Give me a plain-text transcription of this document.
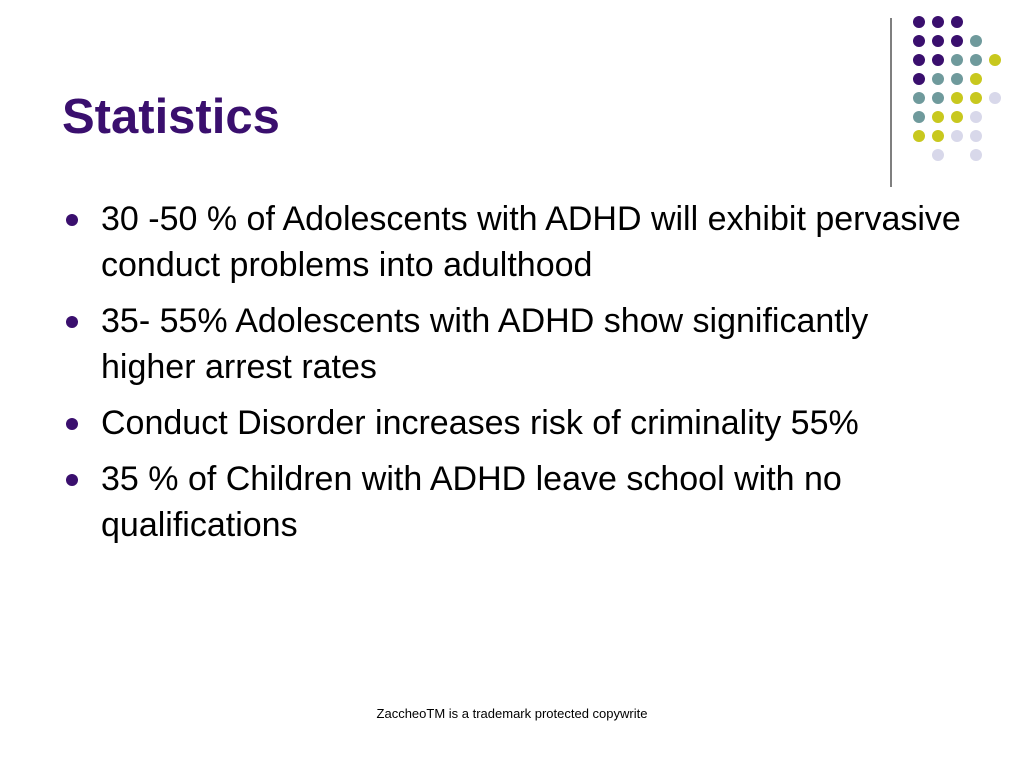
Statistics
30 -50 % of Adolescents with ADHD will exhibit pervasive conduct problems into adulthood
35- 55% Adolescents with ADHD show significantly higher arrest rates
Conduct Disorder increases risk of criminality 55%
35 % of Children with ADHD leave school with no qualifications
ZaccheoTM is a trademark protected copywrite
